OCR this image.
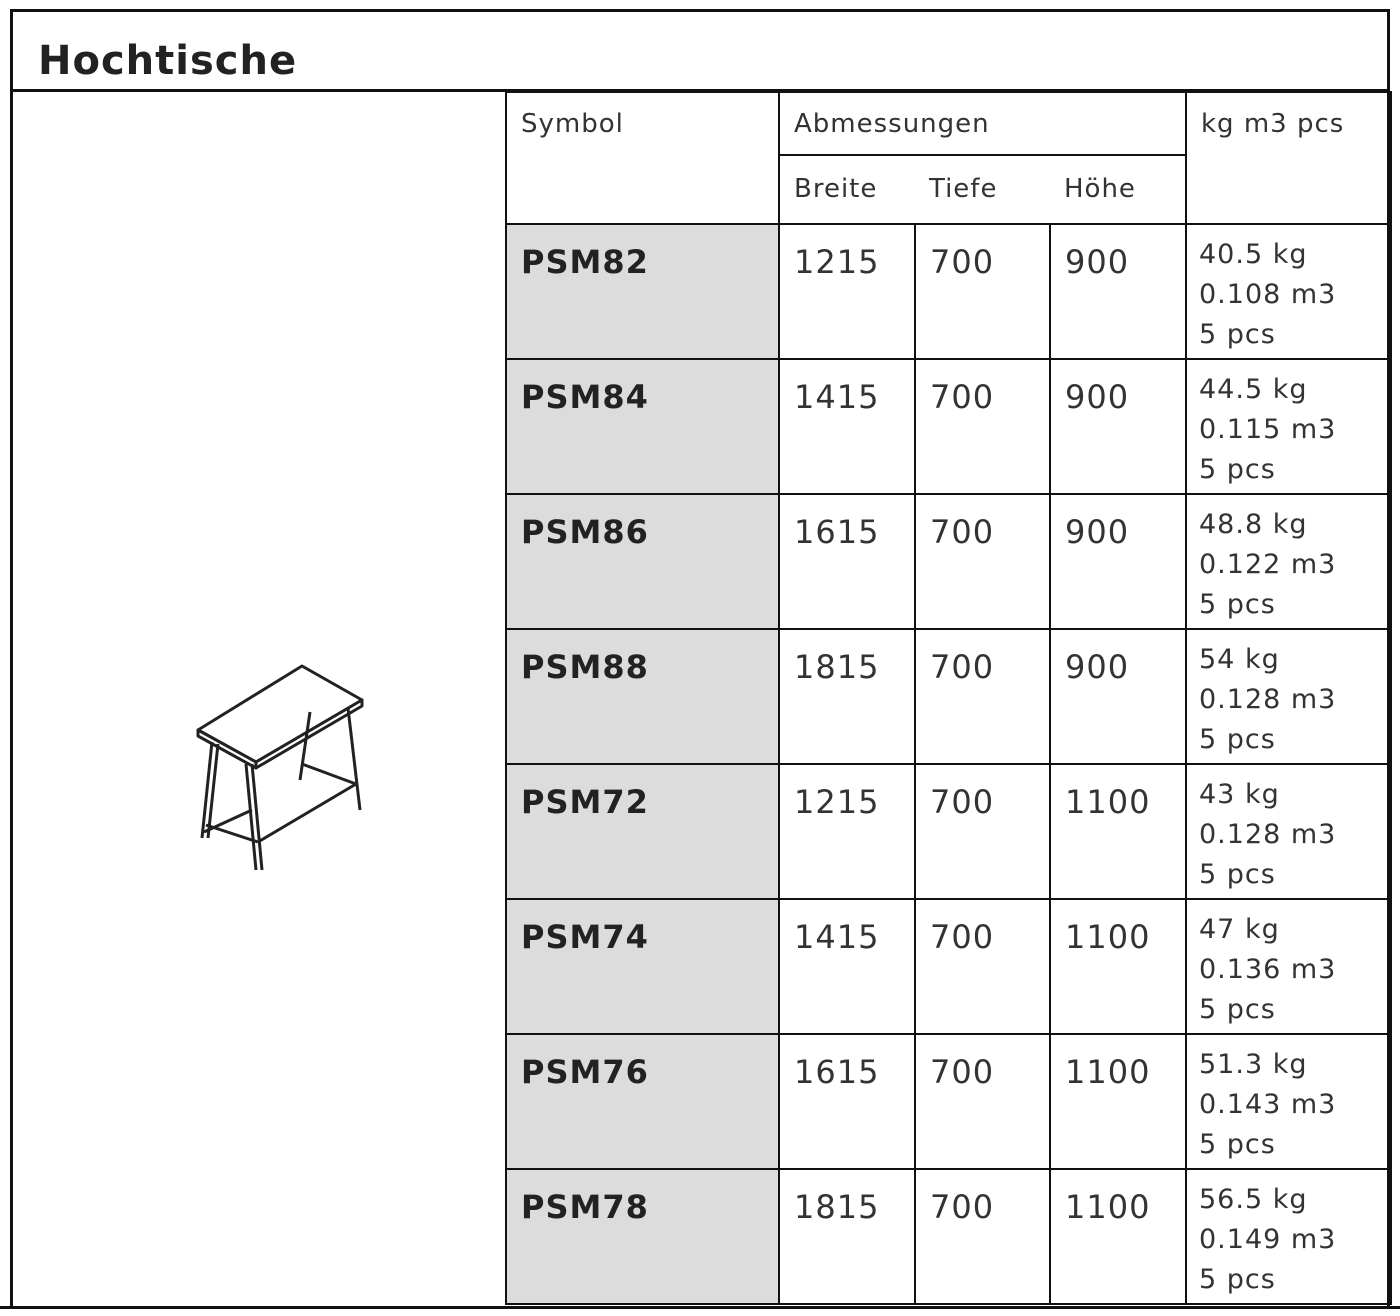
Hochtische
Symbol	Abmessungen			kg m3 pcs
	Breite	Tiefe	Höhe	
PSM82	1215	700	900	40.5 kg
0.108 m3
5 pcs

PSM84	1415	700	900	44.5 kg
0.115 m3
5 pcs

PSM86	1615	700	900	48.8 kg
0.122 m3
5 pcs

PSM88	1815	700	900	54 kg
0.128 m3
5 pcs

PSM72	1215	700	1100	43 kg
0.128 m3
5 pcs

PSM74	1415	700	1100	47 kg
0.136 m3
5 pcs

PSM76	1615	700	1100	51.3 kg
0.143 m3
5 pcs

PSM78	1815	700	1100	56.5 kg
0.149 m3
5 pcs
